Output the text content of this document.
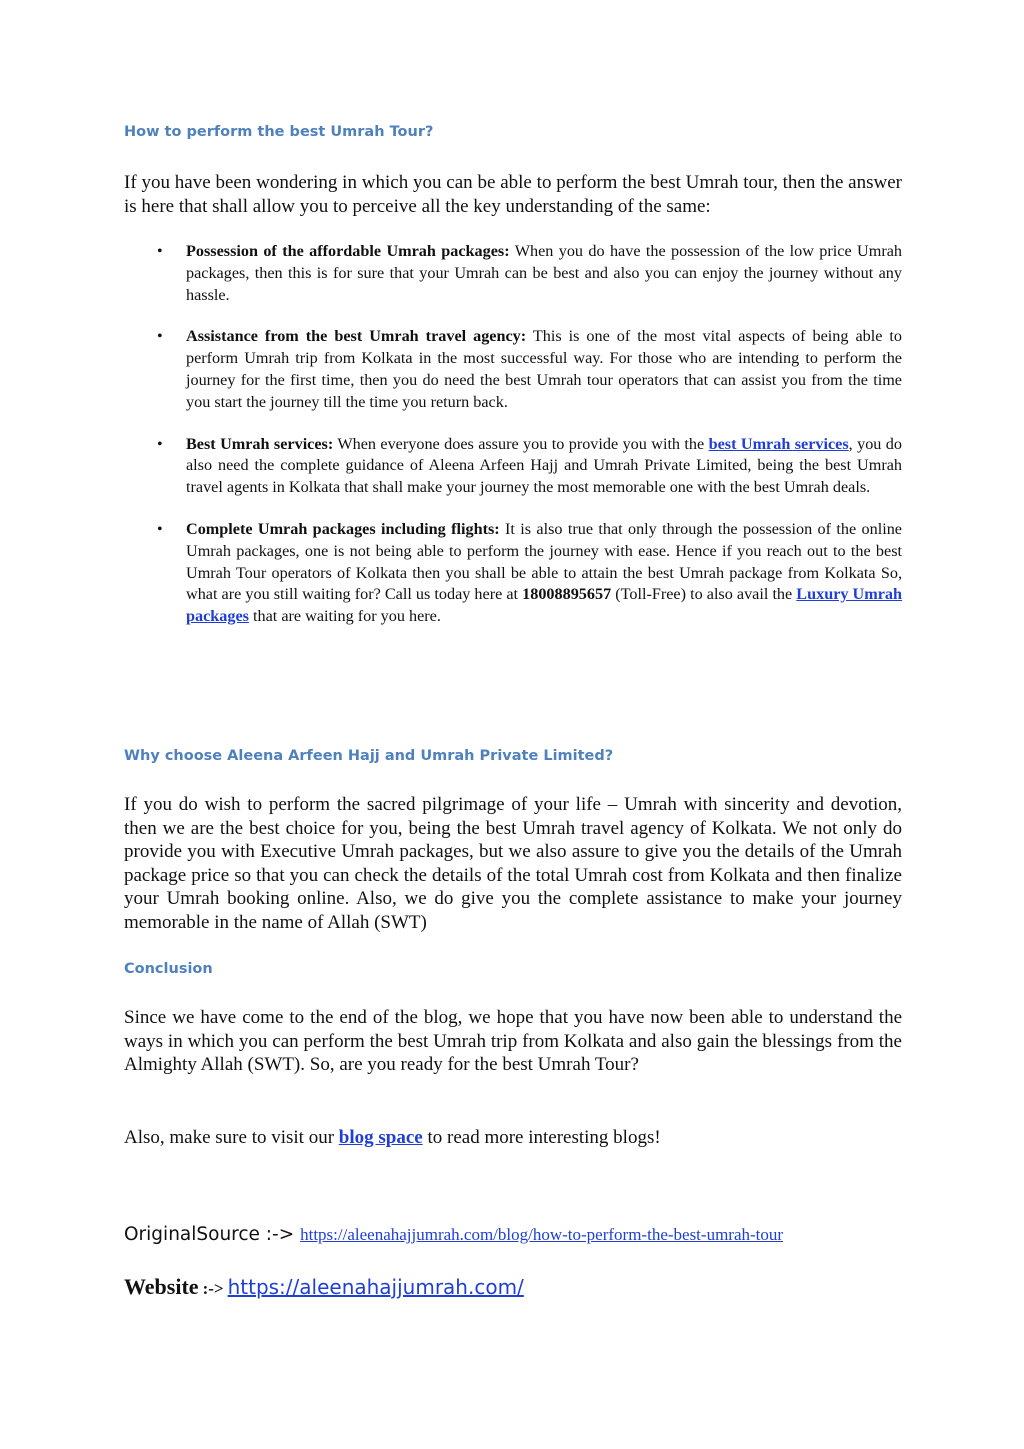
How to perform the best Umrah Tour?

If you have been wondering in which you can be able to perform the best Umrah tour, then the answer is here that shall allow you to perceive all the key understanding of the same:

• Possession of the affordable Umrah packages: When you do have the possession of the low price Umrah packages, then this is for sure that your Umrah can be best and also you can enjoy the journey without any hassle.
• Assistance from the best Umrah travel agency: This is one of the most vital aspects of being able to perform Umrah trip from Kolkata in the most successful way. For those who are intending to perform the journey for the first time, then you do need the best Umrah tour operators that can assist you from the time you start the journey till the time you return back.
• Best Umrah services: When everyone does assure you to provide you with the best Umrah services, you do also need the complete guidance of Aleena Arfeen Hajj and Umrah Private Limited, being the best Umrah travel agents in Kolkata that shall make your journey the most memorable one with the best Umrah deals.
• Complete Umrah packages including flights: It is also true that only through the possession of the online Umrah packages, one is not being able to perform the journey with ease. Hence if you reach out to the best Umrah Tour operators of Kolkata then you shall be able to attain the best Umrah package from Kolkata So, what are you still waiting for? Call us today here at 18008895657 (Toll-Free) to also avail the Luxury Umrah packages that are waiting for you here.
Why choose Aleena Arfeen Hajj and Umrah Private Limited?

If you do wish to perform the sacred pilgrimage of your life – Umrah with sincerity and devotion, then we are the best choice for you, being the best Umrah travel agency of Kolkata. We not only do provide you with Executive Umrah packages, but we also assure to give you the details of the Umrah package price so that you can check the details of the total Umrah cost from Kolkata and then finalize your Umrah booking online. Also, we do give you the complete assistance to make your journey memorable in the name of Allah (SWT)

Conclusion

Since we have come to the end of the blog, we hope that you have now been able to understand the ways in which you can perform the best Umrah trip from Kolkata and also gain the blessings from the Almighty Allah (SWT). So, are you ready for the best Umrah Tour?

Also, make sure to visit our blog space to read more interesting blogs!

OriginalSource :-> https://aleenahajjumrah.com/blog/how-to-perform-the-best-umrah-tour
Website :-> https://aleenahajjumrah.com/
